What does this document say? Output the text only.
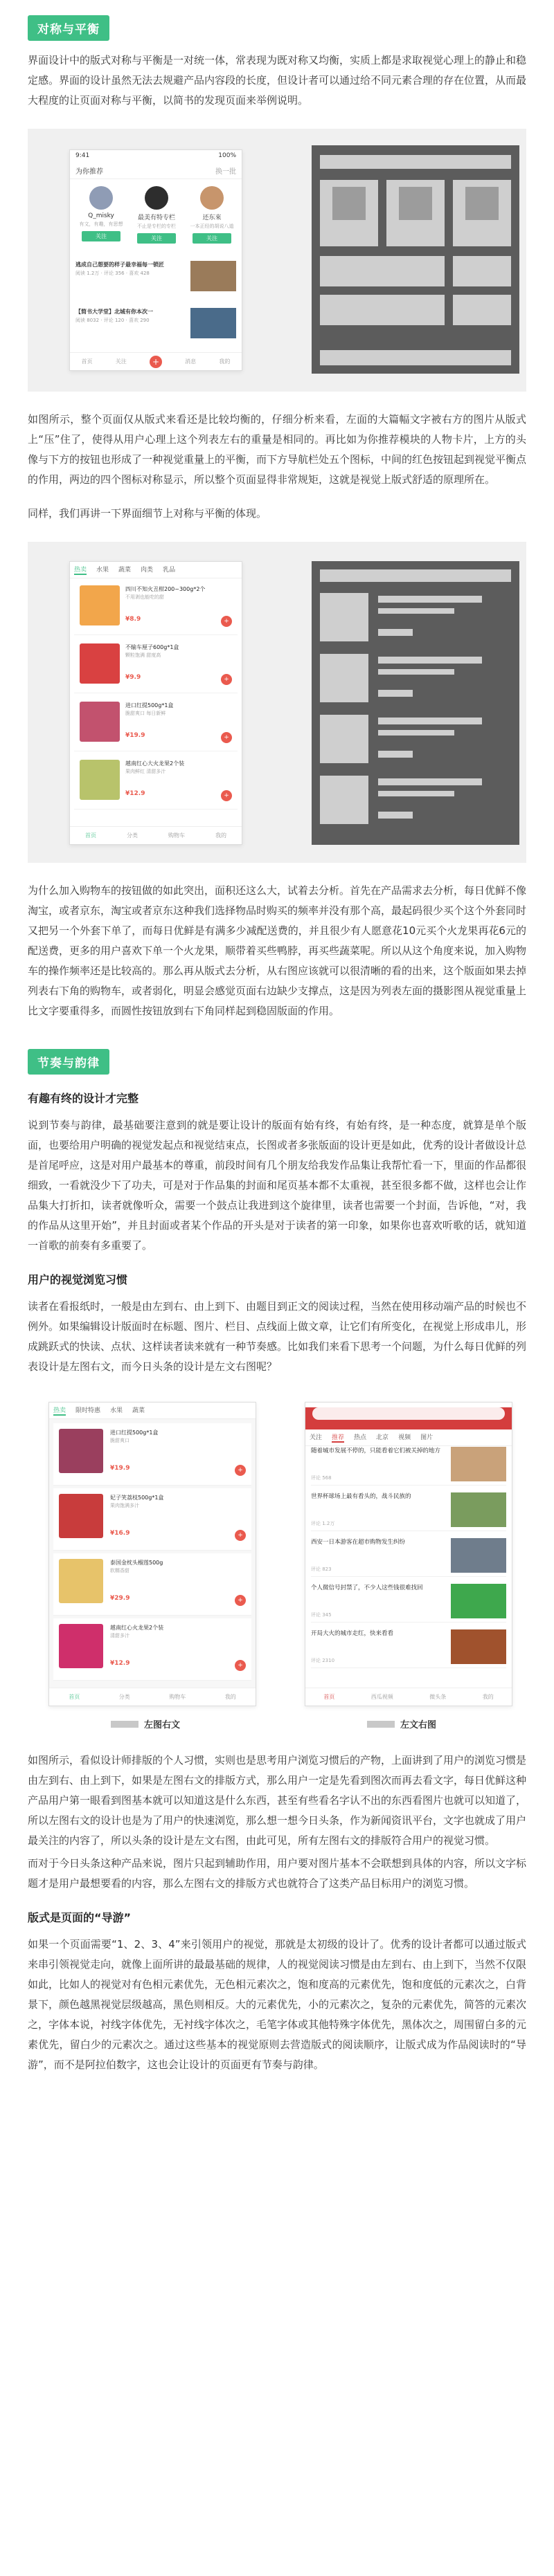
对称与平衡

界面设计中的版式对称与平衡是一对统一体，常表现为既对称又均衡，实质上都是求取视觉心理上的静止和稳定感。界面的设计虽然无法去规避产品内容段的长度，但设计者可以通过给不同元素合理的存在位置，从而最大程度的让页面对称与平衡，以简书的发现页面来举例说明。

9:41	100%
为你推荐	换一批
Q_misky
有文，有趣，有思想
关注
最美有特专栏
不止是专栏的专栏
关注
还东來
一本正经的胡说八道
关注
逃成自己想要的样子最幸福每一锁匠
阅读 1.2万 · 评论 356 · 喜欢 428
【简书大学堂】北城有你本次一
阅读 8032 · 评论 120 · 喜欢 290
首页	关注	+	消息	我的

如图所示，整个页面仅从版式来看还是比较均衡的，仔细分析来看，左面的大篇幅文字被右方的图片从版式上“压”住了，使得从用户心理上这个列表左右的重量是相同的。再比如为你推荐模块的人物卡片，上方的头像与下方的按钮也形成了一种视觉重量上的平衡，而下方导航栏处五个图标，中间的红色按钮起到视觉平衡点的作用，两边的四个图标对称显示，所以整个页面显得非常规矩，这就是视觉上版式舒适的原理所在。

同样，我们再讲一下界面细节上对称与平衡的体现。

热卖 水果 蔬菜 肉类 乳品
四川不知火丑柑200~300g*2个
不用剥也能吃的甜
¥8.9	+
不输车厘子600g*1盒
颗粒饱满 甜度高
¥9.9	+
进口红提500g*1盒
脆甜爽口 每日新鲜
¥19.9	+
越南红心大火龙果2个装
果肉鲜红 清甜多汁
¥12.9	+
首页	分类	购物车	我的

为什么加入购物车的按钮做的如此突出，面积还这么大，试着去分析。首先在产品需求去分析，每日优鲜不像淘宝，或者京东，淘宝或者京东这种我们选择物品时购买的频率并没有那个高，最起码很少买个这个外套同时又把另一个外套下单了，而每日优鲜是有满多少减配送费的，并且很少有人愿意花10元买个火龙果再花6元的配送费，更多的用户喜欢下单一个火龙果，顺带着买些鸭脖，再买些蔬菜呢。所以从这个角度来说，加入购物车的操作频率还是比较高的。那么再从版式去分析，从右图应该就可以很清晰的看的出来，这个版面如果去掉列表右下角的购物车，或者弱化，明显会感觉页面右边缺少支撑点，这是因为列表左面的摄影图从视觉重量上比文字要重得多，而圆性按钮放到右下角同样起到稳固版面的作用。

节奏与韵律
有趣有终的设计才完整

说到节奏与韵律，最基础要注意到的就是要让设计的版面有始有终，有始有终，是一种态度，就算是单个版面，也要给用户明确的视觉发起点和视觉结束点，长图或者多张版面的设计更是如此，优秀的设计者做设计总是首尾呼应，这是对用户最基本的尊重，前段时间有几个朋友给我发作品集让我帮忙看一下，里面的作品都很细致，一看就没少下了功夫，可是对于作品集的封面和尾页基本都不太重视，甚至很多都不做，这样也会让作品集大打折扣，读者就像听众，需要一个鼓点让我进到这个旋律里，读者也需要一个封面，告诉他，“对，我的作品从这里开始”，并且封面或者某个作品的开头是对于读者的第一印象，如果你也喜欢听歌的话，就知道一首歌的前奏有多重要了。

用户的视觉浏览习惯

读者在看报纸时，一般是由左到右、由上到下、由题目到正文的阅读过程，当然在使用移动端产品的时候也不例外。如果编辑设计版面时在标题、图片、栏目、点线面上做文章，让它们有所变化，在视觉上形成串儿，形成跳跃式的快读、点状、这样读者读来就有一种节奏感。比如我们来看下思考一个问题，为什么每日优鲜的列表设计是左图右文，而今日头条的设计是左文右图呢？

热卖 限时特惠 水果 蔬菜
进口红提500g*1盒
脆甜爽口
¥19.9	+
妃子笑荔枝500g*1盒
果肉饱满多汁
¥16.9	+
泰国金枕头榴莲500g
软糯香甜
¥29.9	+
越南红心火龙果2个装
清甜多汁
¥12.9	+
首页	分类	购物车	我的
关注 推荐 热点 北京 视频 图片
随着城市发展不停的，只能看着它们被关掉的地方
评论 568
世界杯球场上最有看头的，战斗民族的
评论 1.2万
西安一日本游客在超市购物发生纠纷
评论 823
个人微信号封禁了，不少人这些钱很难找回
评论 345
开局大火的城市走红，快来看看
评论 2310
首页	西瓜视频	微头条	我的
左图右文	左文右图

如图所示，看似设计师排版的个人习惯，实则也是思考用户浏览习惯后的产物，上面讲到了用户的浏览习惯是由左到右、由上到下，如果是左图右文的排版方式，那么用户一定是先看到图次而再去看文字，每日优鲜这种产品用户第一眼看到图基本就可以知道这是什么东西，甚至有些看名字认不出的东西看图片也就可以知道了，所以左图右文的设计也是为了用户的快速浏览，那么想一想今日头条，作为新闻资讯平台，文字也就成了用户最关注的内容了，所以头条的设计是左文右图，由此可见，所有左图右文的排版符合用户的视觉习惯。

而对于今日头条这种产品来说，图片只起到辅助作用，用户要对图片基本不会联想到具体的内容，所以文字标题才是用户最想要看的内容，那么左图右文的排版方式也就符合了这类产品目标用户的浏览习惯。

版式是页面的“导游”

如果一个页面需要“1、2、3、4”来引领用户的视觉，那就是太初级的设计了。优秀的设计者都可以通过版式来串引领视觉走向，就像上面所讲的最最基础的规律，人的视觉阅读习惯是由左到右、由上到下，当然不仅限如此，比如人的视觉对有色相元素优先，无色相元素次之，饱和度高的元素优先，饱和度低的元素次之，白背景下，颜色越黑视觉层级越高，黑色则相反。大的元素优先，小的元素次之，复杂的元素优先，简答的元素次之，字体本说，衬线字体优先，无衬线字体次之，毛笔字体或其他特殊字体优先，黑体次之，周围留白多的元素优先，留白少的元素次之。通过这些基本的视觉原则去营造版式的阅读顺序，让版式成为作品阅读时的“导游”，而不是阿拉伯数字，这也会让设计的页面更有节奏与韵律。
